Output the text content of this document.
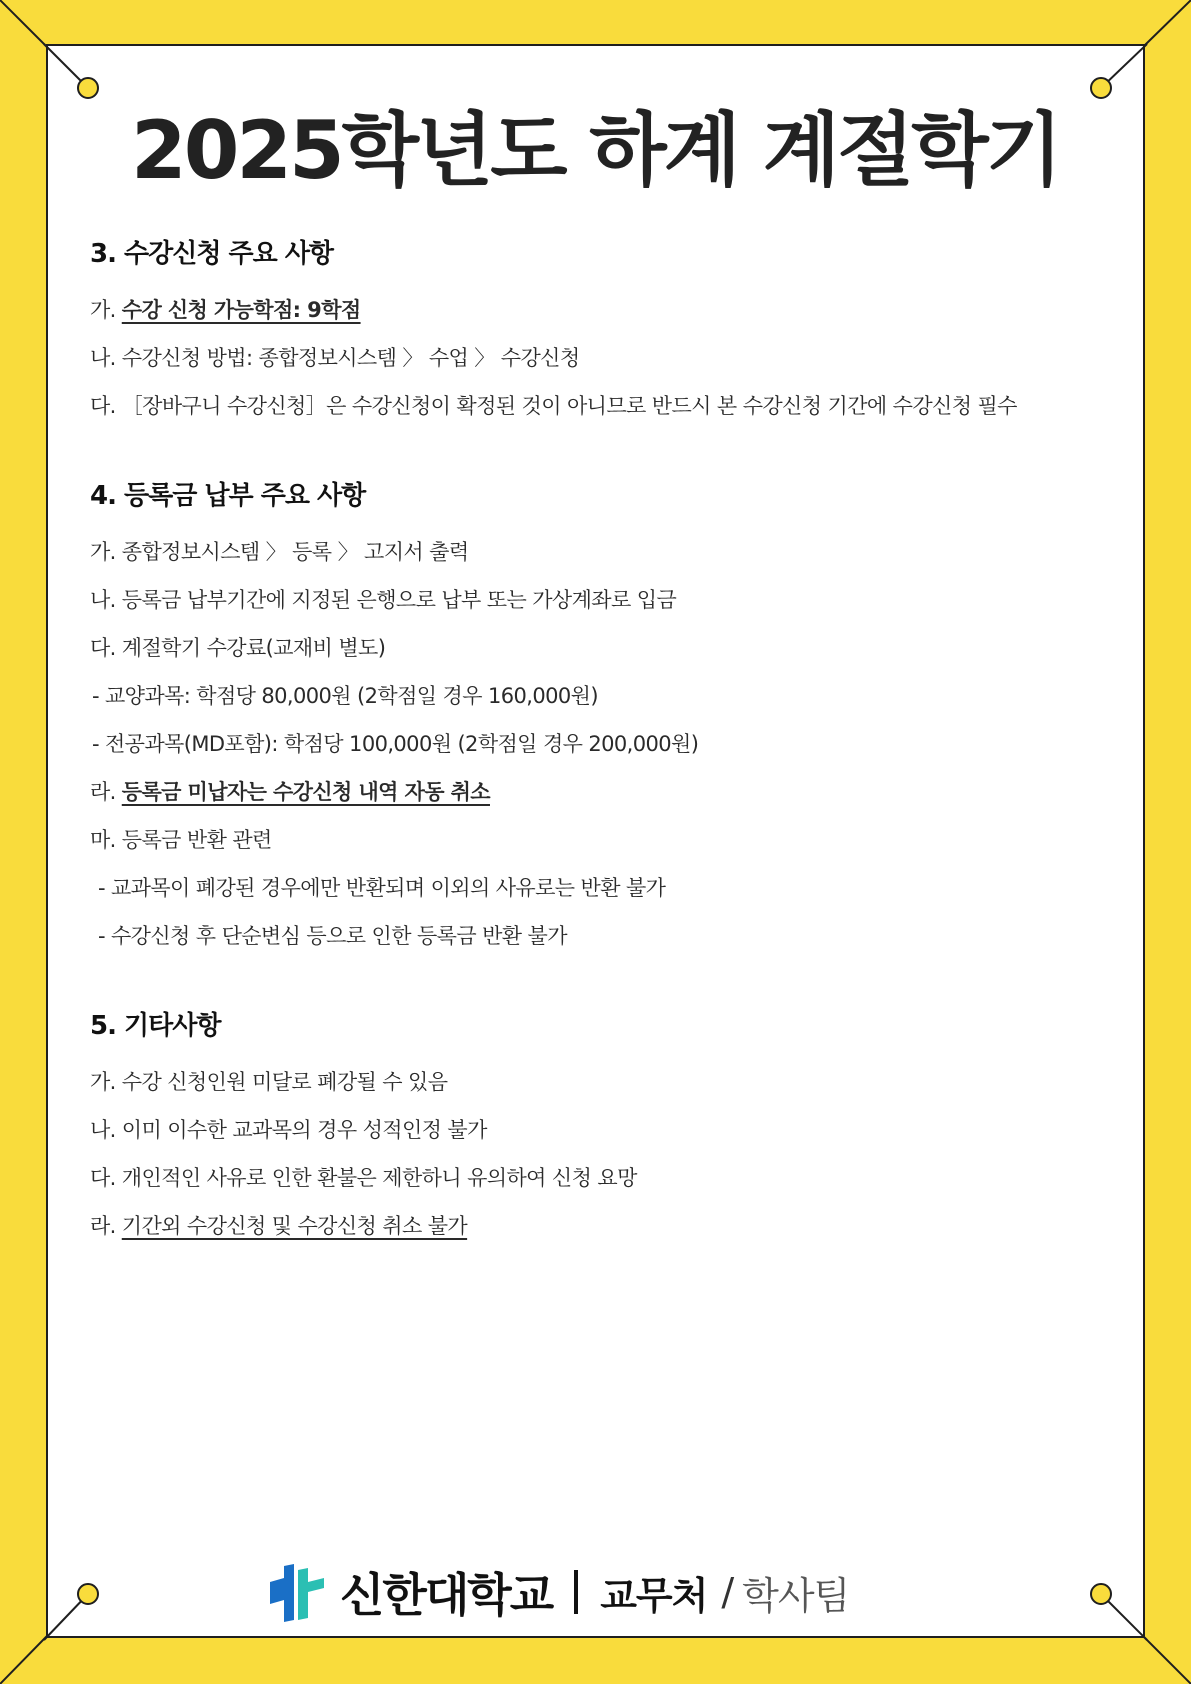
2025학년도 하계 계절학기

3. 수강신청 주요 사항

가. 수강 신청 가능학점: 9학점

나. 수강신청 방법: 종합정보시스템 〉 수업 〉 수강신청

다. ［장바구니 수강신청］은 수강신청이 확정된 것이 아니므로 반드시 본 수강신청 기간에 수강신청 필수

4. 등록금 납부 주요 사항

가. 종합정보시스템 〉 등록 〉 고지서 출력

나. 등록금 납부기간에 지정된 은행으로 납부 또는 가상계좌로 입금

다. 계절학기 수강료(교재비 별도)

- 교양과목: 학점당 80,000원 (2학점일 경우 160,000원)

- 전공과목(MD포함): 학점당 100,000원 (2학점일 경우 200,000원)

라. 등록금 미납자는 수강신청 내역 자동 취소

마. 등록금 반환 관련

- 교과목이 폐강된 경우에만 반환되며 이외의 사유로는 반환 불가

- 수강신청 후 단순변심 등으로 인한 등록금 반환 불가

5. 기타사항

가. 수강 신청인원 미달로 폐강될 수 있음

나. 이미 이수한 교과목의 경우 성적인정 불가

다. 개인적인 사유로 인한 환불은 제한하니 유의하여 신청 요망

라. 기간외 수강신청 및 수강신청 취소 불가

신한대학교 교무처 / 학사팀
